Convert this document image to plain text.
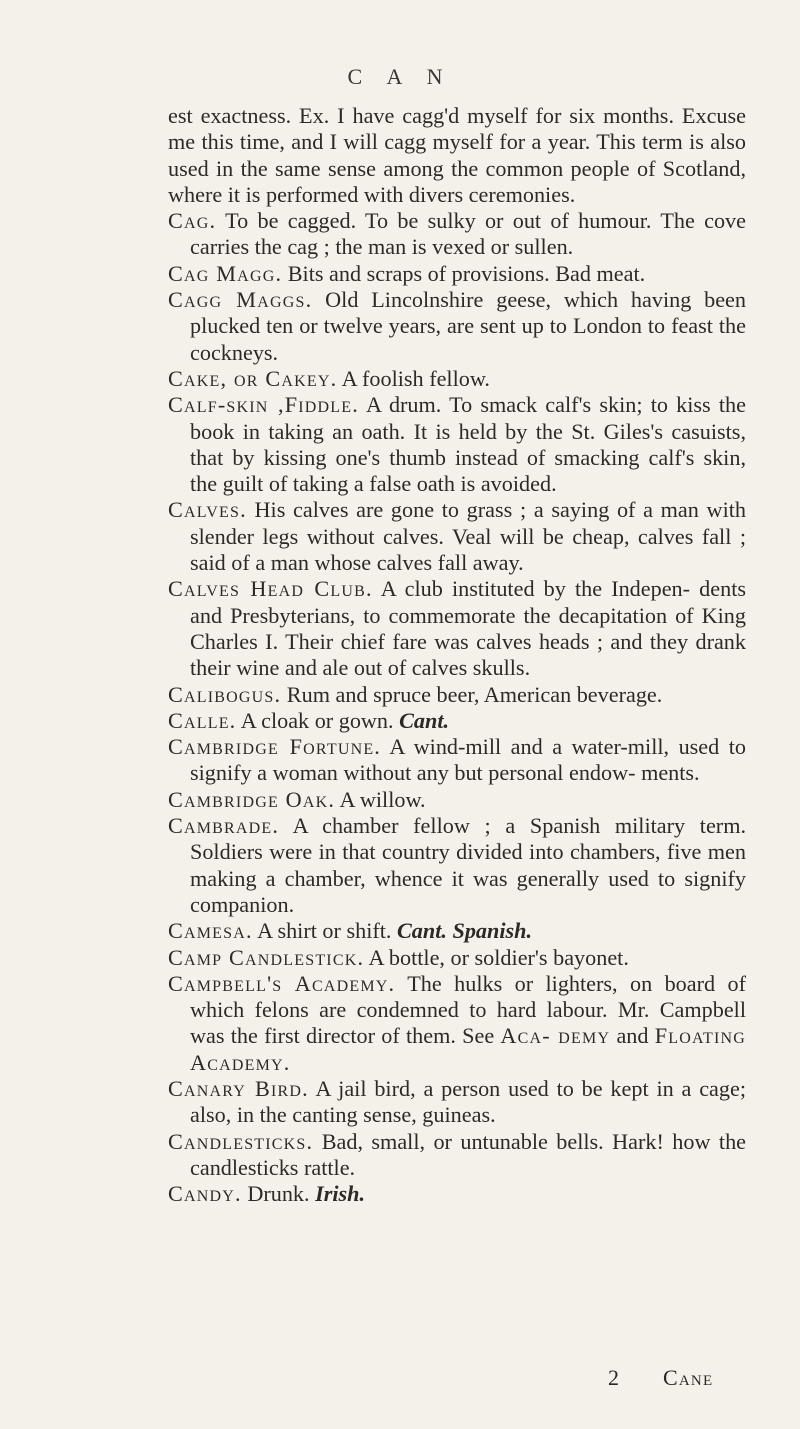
C A N

est exactness. Ex. I have cagg'd myself for six months. Excuse me this time, and I will cagg myself for a year. This term is also used in the same sense among the common people of Scotland, where it is performed with divers ceremonies.

Cag. To be cagged. To be sulky or out of humour. The cove carries the cag ; the man is vexed or sullen.

Cag Magg. Bits and scraps of provisions. Bad meat.

Cagg Maggs. Old Lincolnshire geese, which having been plucked ten or twelve years, are sent up to London to feast the cockneys.

Cake, or Cakey. A foolish fellow.

Calf-skin ,Fiddle. A drum. To smack calf's skin; to kiss the book in taking an oath. It is held by the St. Giles's casuists, that by kissing one's thumb instead of smacking calf's skin, the guilt of taking a false oath is avoided.

Calves. His calves are gone to grass ; a saying of a man with slender legs without calves. Veal will be cheap, calves fall ; said of a man whose calves fall away.

Calves Head Club. A club instituted by the Indepen- dents and Presbyterians, to commemorate the decapitation of King Charles I. Their chief fare was calves heads ; and they drank their wine and ale out of calves skulls.

Calibogus. Rum and spruce beer, American beverage.

Calle. A cloak or gown. Cant.

Cambridge Fortune. A wind-mill and a water-mill, used to signify a woman without any but personal endow- ments.

Cambridge Oak. A willow.

Cambrade. A chamber fellow ; a Spanish military term. Soldiers were in that country divided into chambers, five men making a chamber, whence it was generally used to signify companion.

Camesa. A shirt or shift. Cant. Spanish.

Camp Candlestick. A bottle, or soldier's bayonet.

Campbell's Academy. The hulks or lighters, on board of which felons are condemned to hard labour. Mr. Campbell was the first director of them. See Aca- demy and Floating Academy.

Canary Bird. A jail bird, a person used to be kept in a cage; also, in the canting sense, guineas.

Candlesticks. Bad, small, or untunable bells. Hark! how the candlesticks rattle.

Candy. Drunk. Irish.

2 Cane
